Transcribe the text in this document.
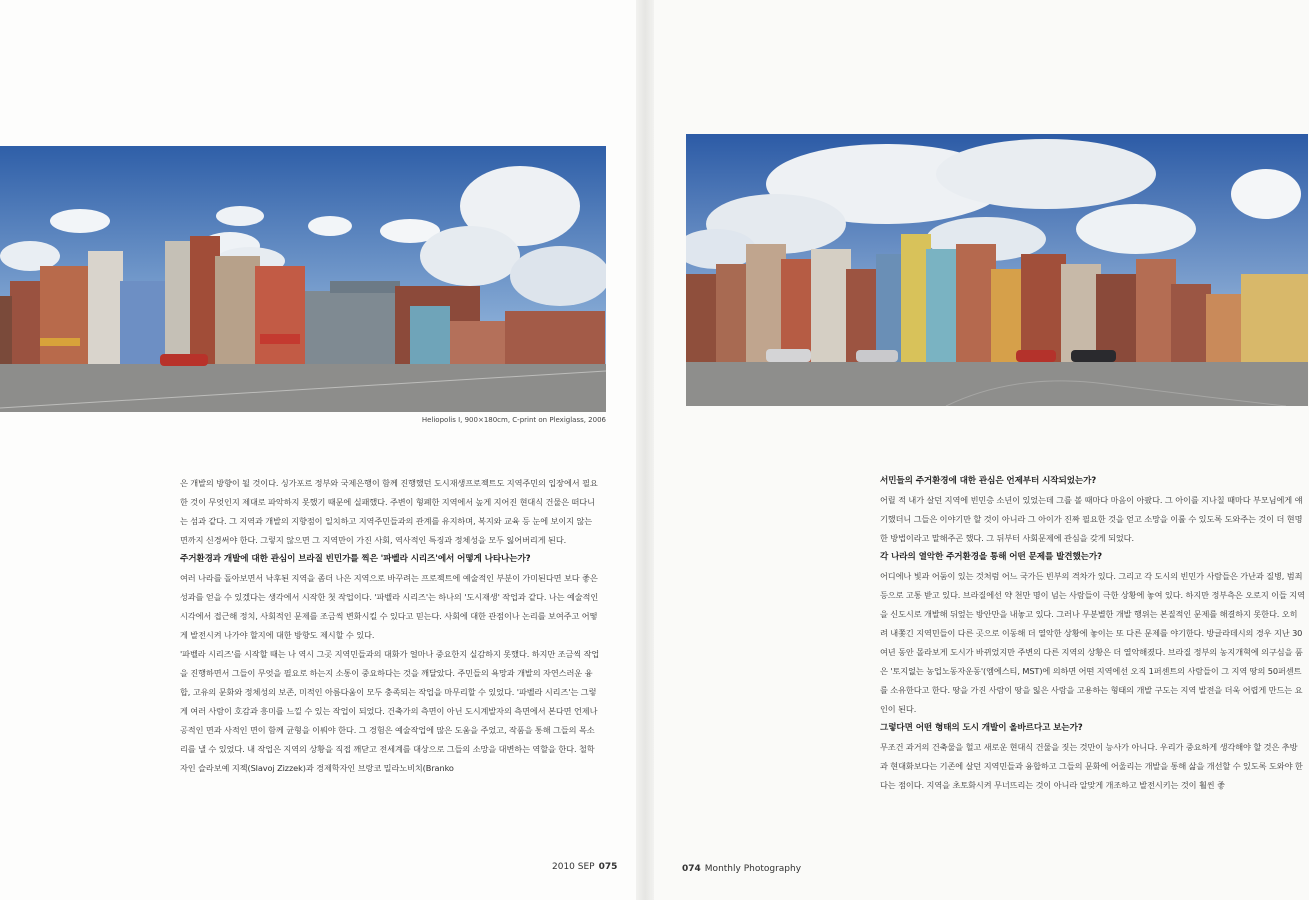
Heliopolis I, 900×180cm, C-print on Plexiglass, 2006

은 개발의 방향이 될 것이다. 싱가포르 정부와 국제은행이 함께 진행했던 도시재생프로젝트도 지역주민의 입장에서 필요한 것이 무엇인지 제대로 파악하지 못했기 때문에 실패했다. 주변이 형폐한 지역에서 높게 지어진 현대식 건물은 떠다니는 섬과 같다. 그 지역과 개발의 지향점이 일치하고 지역주민들과의 관계를 유지하며, 복지와 교육 등 눈에 보이지 않는 면까지 신경써야 한다. 그렇지 않으면 그 지역만이 가진 사회, 역사적인 특징과 정체성을 모두 잃어버리게 된다.

주거환경과 개발에 대한 관심이 브라질 빈민가를 찍은 '파벨라 시리즈'에서 어떻게 나타나는가?

여러 나라를 돌아보면서 낙후된 지역을 좀더 나은 지역으로 바꾸려는 프로젝트에 예술적인 부분이 가미된다면 보다 좋은 성과를 얻을 수 있겠다는 생각에서 시작한 첫 작업이다. '파벨라 시리즈'는 하나의 '도시재생' 작업과 같다. 나는 예술적인 시각에서 접근해 정치, 사회적인 문제를 조금씩 변화시킬 수 있다고 믿는다. 사회에 대한 관점이나 논리를 보여주고 어떻게 발전시켜 나가야 할지에 대한 방향도 제시할 수 있다.

'파벨라 시리즈'를 시작할 때는 나 역시 그곳 지역민들과의 대화가 얼마나 중요한지 실감하지 못했다. 하지만 조금씩 작업을 진행하면서 그들이 무엇을 필요로 하는지 소통이 중요하다는 것을 깨달았다. 주민들의 욕망과 개발의 자연스러운 융합, 고유의 문화와 정체성의 보존, 미적인 아름다움이 모두 충족되는 작업을 마무리할 수 있었다. '파벨라 시리즈'는 그렇게 여러 사람이 호감과 흥미를 느낄 수 있는 작업이 되었다. 건축가의 측면이 아닌 도시계발자의 측면에서 본다면 언제나 공적인 면과 사적인 면이 함께 균형을 이뤄야 한다. 그 경험은 예술작업에 많은 도움을 주었고, 작품을 통해 그들의 목소리를 낼 수 있었다. 내 작업은 지역의 상황을 직접 깨닫고 전세계를 대상으로 그들의 소망을 대변하는 역할을 한다. 철학자인 슬라보예 지젝(Slavoj Zizzek)과 경제학자인 브랑코 밀라노비치(Branko

서민들의 주거환경에 대한 관심은 언제부터 시작되었는가?

어릴 적 내가 살던 지역에 빈민층 소년이 있었는데 그를 볼 때마다 마음이 아팠다. 그 아이를 지나칠 때마다 부모님에게 얘기했더니 그들은 이야기만 할 것이 아니라 그 아이가 진짜 필요한 것을 얻고 소망을 이룰 수 있도록 도와주는 것이 더 현명한 방법이라고 말해주곤 했다. 그 뒤부터 사회문제에 관심을 갖게 되었다.

각 나라의 열악한 주거환경을 통해 어떤 문제를 발견했는가?

어디에나 빛과 어둠이 있는 것처럼 어느 국가든 빈부의 격차가 있다. 그리고 각 도시의 빈민가 사람들은 가난과 질병, 범죄 등으로 고통 받고 있다. 브라질에선 약 천만 명이 넘는 사람들이 극한 상황에 놓여 있다. 하지만 정부측은 오로지 이들 지역을 신도시로 개발해 뒤엎는 방안만을 내놓고 있다. 그러나 무분별한 개발 행위는 본질적인 문제를 해결하지 못한다. 오히려 내쫓긴 지역민들이 다른 곳으로 이동해 더 열악한 상황에 놓이는 또 다른 문제를 야기한다. 방글라데시의 경우 지난 30여년 동안 몰라보게 도시가 바뀌었지만 주변의 다른 지역의 상황은 더 열악해졌다. 브라질 정부의 농지개혁에 의구심을 품은 '토지없는 농업노동자운동'(엠에스티, MST)에 의하면 어떤 지역에선 오직 1퍼센트의 사람들이 그 지역 땅의 50퍼센트를 소유한다고 한다. 땅을 가진 사람이 땅을 잃은 사람을 고용하는 형태의 개발 구도는 지역 발전을 더욱 어렵게 만드는 요인이 된다.

그렇다면 어떤 형태의 도시 개발이 올바르다고 보는가?

무조건 과거의 건축물을 헐고 새로운 현대식 건물을 짓는 것만이 능사가 아니다. 우리가 중요하게 생각해야 할 것은 추방과 현대화보다는 기존에 살던 지역민들과 융합하고 그들의 문화에 어울리는 개발을 통해 삶을 개선할 수 있도록 도와야 한다는 점이다. 지역을 초토화시켜 무너뜨리는 것이 아니라 알맞게 개조하고 발전시키는 것이 훨씬 좋

2010 SEP 075	074 Monthly Photography
